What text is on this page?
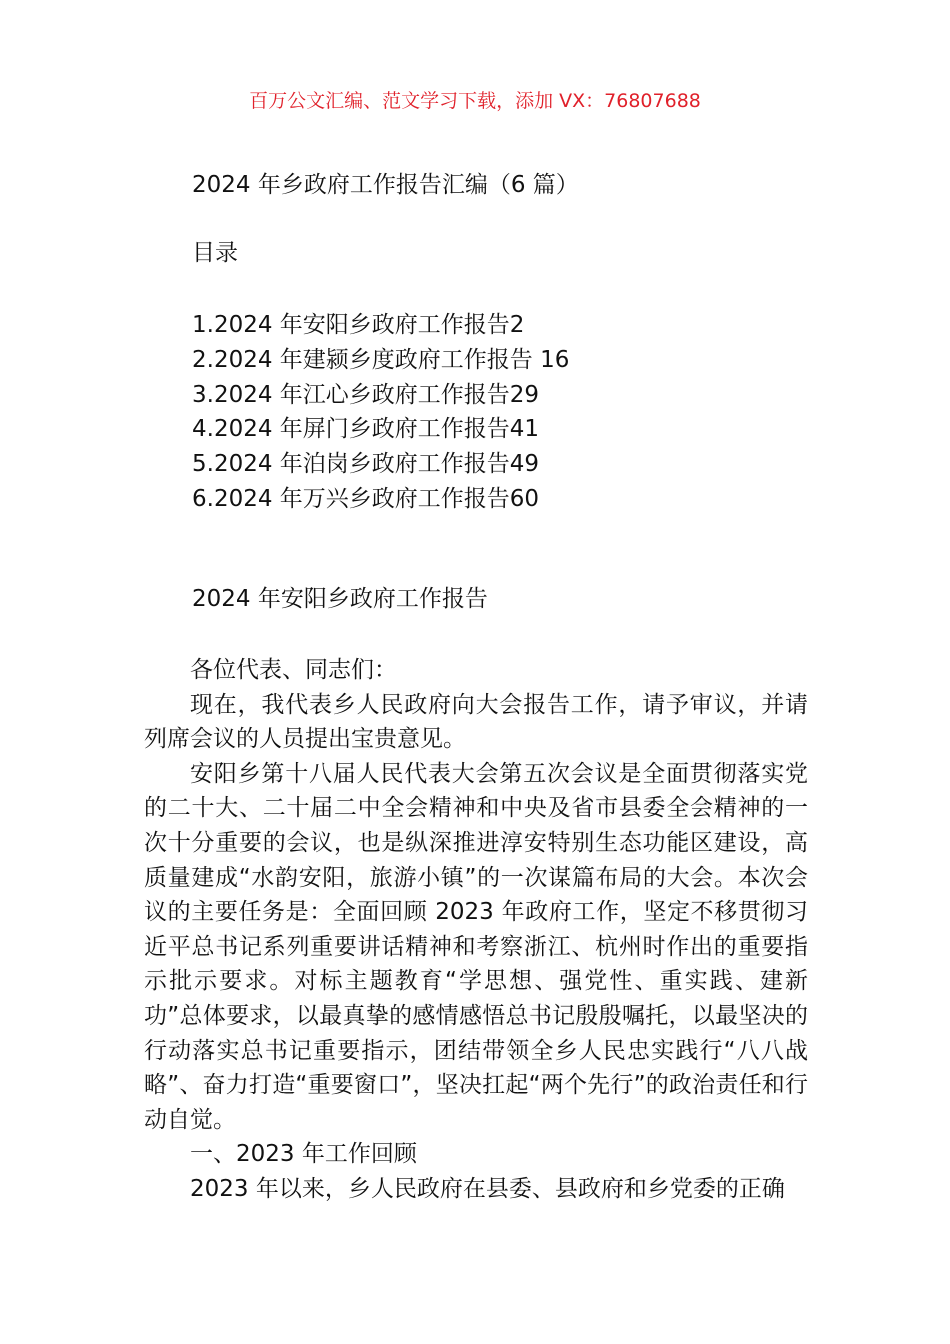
百万公文汇编、范文学习下载，添加 VX：76807688
2024 年乡政府工作报告汇编（6 篇）
目录
1.2024 年安阳乡政府工作报告2
2.2024 年建颍乡度政府工作报告 16
3.2024 年江心乡政府工作报告29
4.2024 年屏门乡政府工作报告41
5.2024 年泊岗乡政府工作报告49
6.2024 年万兴乡政府工作报告60
2024 年安阳乡政府工作报告

各位代表、同志们：

现在，我代表乡人民政府向大会报告工作，请予审议，并请列席会议的人员提出宝贵意见。

安阳乡第十八届人民代表大会第五次会议是全面贯彻落实党的二十大、二十届二中全会精神和中央及省市县委全会精神的一次十分重要的会议，也是纵深推进淳安特别生态功能区建设，高质量建成“水韵安阳，旅游小镇”的一次谋篇布局的大会。本次会议的主要任务是：全面回顾 2023 年政府工作，坚定不移贯彻习近平总书记系列重要讲话精神和考察浙江、杭州时作出的重要指示批示要求。对标主题教育“学思想、强党性、重实践、建新功”总体要求，以最真挚的感情感悟总书记殷殷嘱托，以最坚决的行动落实总书记重要指示，团结带领全乡人民忠实践行“八八战略”、奋力打造“重要窗口”，坚决扛起“两个先行”的政治责任和行动自觉。

一、2023 年工作回顾

2023 年以来，乡人民政府在县委、县政府和乡党委的正确
